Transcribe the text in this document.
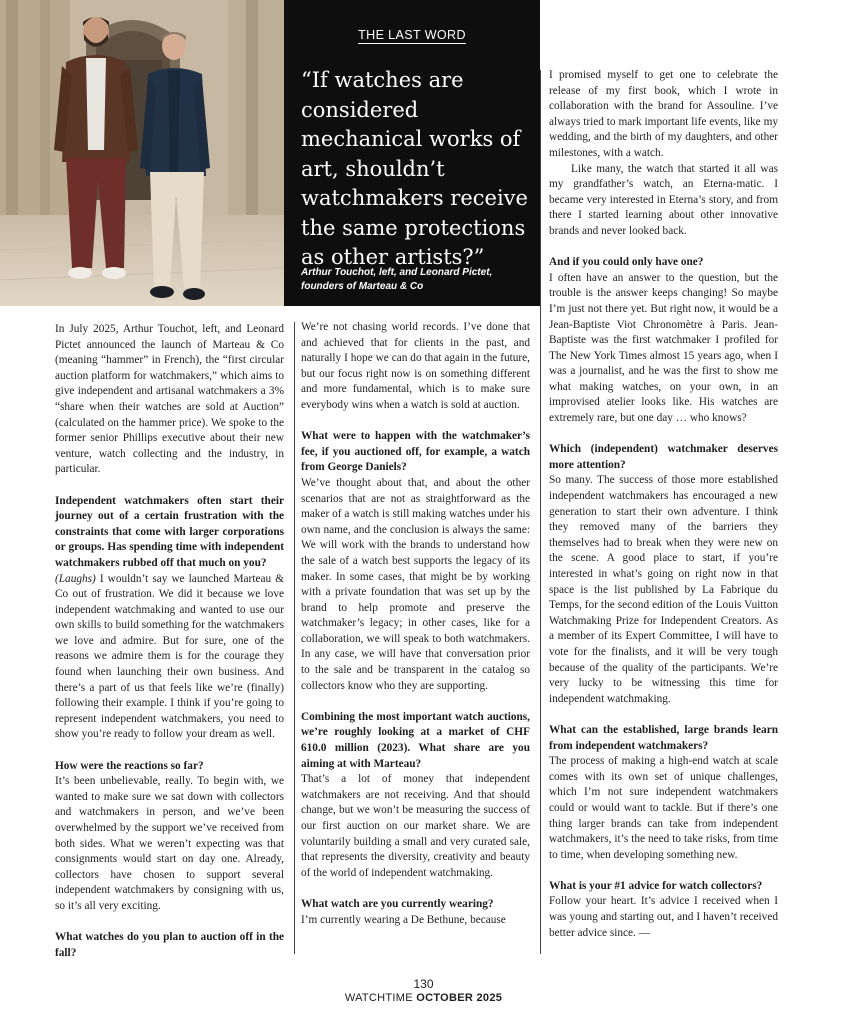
THE LAST WORD
“If watches are considered mechanical works of art, shouldn’t watchmakers receive the same protections as other artists?”
Arthur Touchot, left, and Leonard Pictet, founders of Marteau & Co

In July 2025, Arthur Touchot, left, and Leonard Pictet announced the launch of Marteau & Co (meaning “hammer” in French), the “first circular auction platform for watchmakers,” which aims to give independent and artisanal watchmakers a 3% “share when their watches are sold at Auction” (calculated on the hammer price). We spoke to the former senior Phillips executive about their new venture, watch collecting and the industry, in particular.

Independent watchmakers often start their journey out of a certain frustration with the constraints that come with larger corporations or groups. Has spending time with independent watchmakers rubbed off that much on you?

(Laughs) I wouldn’t say we launched Marteau & Co out of frustration. We did it because we love independent watchmaking and wanted to use our own skills to build something for the watchmakers we love and admire. But for sure, one of the reasons we admire them is for the courage they found when launching their own business. And there’s a part of us that feels like we’re (finally) following their example. I think if you’re going to represent independent watchmakers, you need to show you’re ready to follow your dream as well.

How were the reactions so far?

It’s been unbelievable, really. To begin with, we wanted to make sure we sat down with collectors and watchmakers in person, and we’ve been overwhelmed by the support we’ve received from both sides. What we weren’t expecting was that consignments would start on day one. Already, collectors have chosen to support several independent watchmakers by consigning with us, so it’s all very exciting.

What watches do you plan to auction off in the fall?

We’re not chasing world records. I’ve done that and achieved that for clients in the past, and naturally I hope we can do that again in the future, but our focus right now is on something different and more fundamental, which is to make sure everybody wins when a watch is sold at auction.

What were to happen with the watchmaker’s fee, if you auctioned off, for example, a watch from George Daniels?

We’ve thought about that, and about the other scenarios that are not as straightforward as the maker of a watch is still making watches under his own name, and the conclusion is always the same: We will work with the brands to understand how the sale of a watch best supports the legacy of its maker. In some cases, that might be by working with a private foundation that was set up by the brand to help promote and preserve the watchmaker’s legacy; in other cases, like for a collaboration, we will speak to both watchmakers. In any case, we will have that conversation prior to the sale and be transparent in the catalog so collectors know who they are supporting.

Combining the most important watch auctions, we’re roughly looking at a market of CHF 610.0 million (2023). What share are you aiming at with Marteau?

That’s a lot of money that independent watchmakers are not receiving. And that should change, but we won’t be measuring the success of our first auction on our market share. We are voluntarily building a small and very curated sale, that represents the diversity, creativity and beauty of the world of independent watchmaking.

What watch are you currently wearing?

I’m currently wearing a De Bethune, because

I promised myself to get one to celebrate the release of my first book, which I wrote in collaboration with the brand for Assouline. I’ve always tried to mark important life events, like my wedding, and the birth of my daughters, and other milestones, with a watch.

Like many, the watch that started it all was my grandfather’s watch, an Eterna-matic. I became very interested in Eterna’s story, and from there I started learning about other innovative brands and never looked back.

And if you could only have one?

I often have an answer to the question, but the trouble is the answer keeps changing! So maybe I’m just not there yet. But right now, it would be a Jean-Baptiste Viot Chronomètre à Paris. Jean-Baptiste was the first watchmaker I profiled for The New York Times almost 15 years ago, when I was a journalist, and he was the first to show me what making watches, on your own, in an improvised atelier looks like. His watches are extremely rare, but one day … who knows?

Which (independent) watchmaker deserves more attention?

So many. The success of those more established independent watchmakers has encouraged a new generation to start their own adventure. I think they removed many of the barriers they themselves had to break when they were new on the scene. A good place to start, if you’re interested in what’s going on right now in that space is the list published by La Fabrique du Temps, for the second edition of the Louis Vuitton Watchmaking Prize for Independent Creators. As a member of its Expert Committee, I will have to vote for the finalists, and it will be very tough because of the quality of the participants. We’re very lucky to be witnessing this time for independent watchmaking.

What can the established, large brands learn from independent watchmakers?

The process of making a high-end watch at scale comes with its own set of unique challenges, which I’m not sure independent watchmakers could or would want to tackle. But if there’s one thing larger brands can take from independent watchmakers, it’s the need to take risks, from time to time, when developing something new.

What is your #1 advice for watch collectors?

Follow your heart. It’s advice I received when I was young and starting out, and I haven’t received better advice since. —

130
WATCHTIME OCTOBER 2025
